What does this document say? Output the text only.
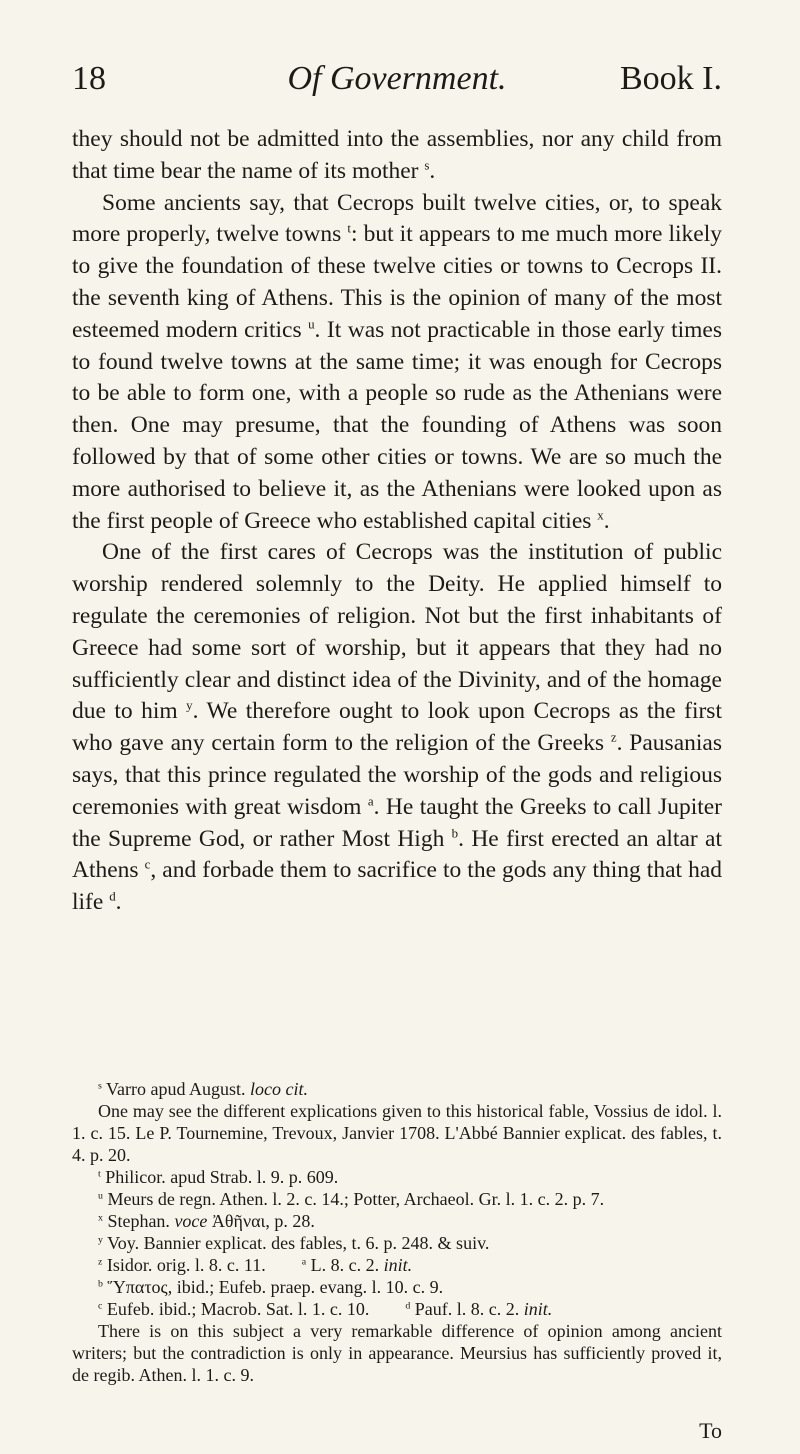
18	Of Government.	Book I.

they should not be admitted into the assemblies, nor any child from that time bear the name of its mother $^s$.

Some ancients say, that Cecrops built twelve cities, or, to speak more properly, twelve towns $^t$: but it appears to me much more likely to give the foundation of these twelve cities or towns to Cecrops II. the seventh king of Athens. This is the opinion of many of the most esteemed modern critics $^u$. It was not practicable in those early times to found twelve towns at the same time; it was enough for Cecrops to be able to form one, with a people so rude as the Athenians were then. One may presume, that the founding of Athens was soon followed by that of some other cities or towns. We are so much the more authorised to believe it, as the Athenians were looked upon as the first people of Greece who established capital cities $^x$.

One of the first cares of Cecrops was the institution of public worship rendered solemnly to the Deity. He applied himself to regulate the ceremonies of religion. Not but the first inhabitants of Greece had some sort of worship, but it appears that they had no sufficiently clear and distinct idea of the Divinity, and of the homage due to him $^y$. We therefore ought to look upon Cecrops as the first who gave any certain form to the religion of the Greeks $^z$. Pausanias says, that this prince regulated the worship of the gods and religious ceremonies with great wisdom $^a$. He taught the Greeks to call Jupiter the Supreme God, or rather Most High $^b$. He first erected an altar at Athens $^c$, and forbade them to sacrifice to the gods any thing that had life $^d$.

$^s$ Varro apud August. loco cit.

One may see the different explications given to this historical fable, Vossius de idol. l. 1. c. 15. Le P. Tournemine, Trevoux, Janvier 1708. L'Abbé Bannier explicat. des fables, t. 4. p. 20.

$^t$ Philicor. apud Strab. l. 9. p. 609.

$^u$ Meurs de regn. Athen. l. 2. c. 14.; Potter, Archaeol. Gr. l. 1. c. 2. p. 7.

$^x$ Stephan. voce Ἀθῆναι, p. 28.

$^y$ Voy. Bannier explicat. des fables, t. 6. p. 248. & suiv.

$^z$ Isidor. orig. l. 8. c. 11.	$^a$ L. 8. c. 2. init.

$^b$ Ὕπατος, ibid.; Eufeb. praep. evang. l. 10. c. 9.

$^c$ Eufeb. ibid.; Macrob. Sat. l. 1. c. 10.	$^d$ Pauf. l. 8. c. 2. init.

There is on this subject a very remarkable difference of opinion among ancient writers; but the contradiction is only in appearance. Meursius has sufficiently proved it, de regib. Athen. l. 1. c. 9.

To
